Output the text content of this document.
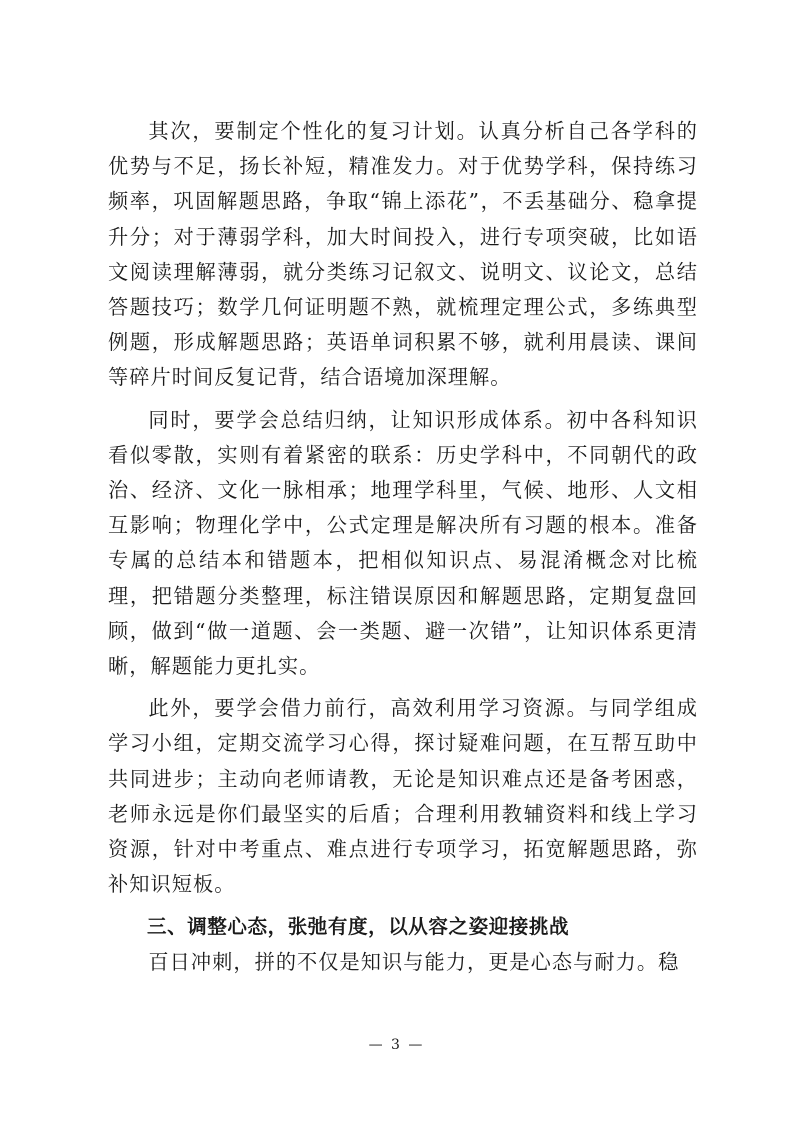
其次，要制定个性化的复习计划。认真分析自己各学科的优势与不足，扬长补短，精准发力。对于优势学科，保持练习频率，巩固解题思路，争取“锦上添花”，不丢基础分、稳拿提升分；对于薄弱学科，加大时间投入，进行专项突破，比如语文阅读理解薄弱，就分类练习记叙文、说明文、议论文，总结答题技巧；数学几何证明题不熟，就梳理定理公式，多练典型例题，形成解题思路；英语单词积累不够，就利用晨读、课间等碎片时间反复记背，结合语境加深理解。

同时，要学会总结归纳，让知识形成体系。初中各科知识看似零散，实则有着紧密的联系：历史学科中，不同朝代的政治、经济、文化一脉相承；地理学科里，气候、地形、人文相互影响；物理化学中，公式定理是解决所有习题的根本。准备专属的总结本和错题本，把相似知识点、易混淆概念对比梳理，把错题分类整理，标注错误原因和解题思路，定期复盘回顾，做到“做一道题、会一类题、避一次错”，让知识体系更清晰，解题能力更扎实。

此外，要学会借力前行，高效利用学习资源。与同学组成学习小组，定期交流学习心得，探讨疑难问题，在互帮互助中共同进步；主动向老师请教，无论是知识难点还是备考困惑，老师永远是你们最坚实的后盾；合理利用教辅资料和线上学习资源，针对中考重点、难点进行专项学习，拓宽解题思路，弥补知识短板。

三、调整心态，张弛有度，以从容之姿迎接挑战

百日冲刺，拼的不仅是知识与能力，更是心态与耐力。稳

— 3 —
